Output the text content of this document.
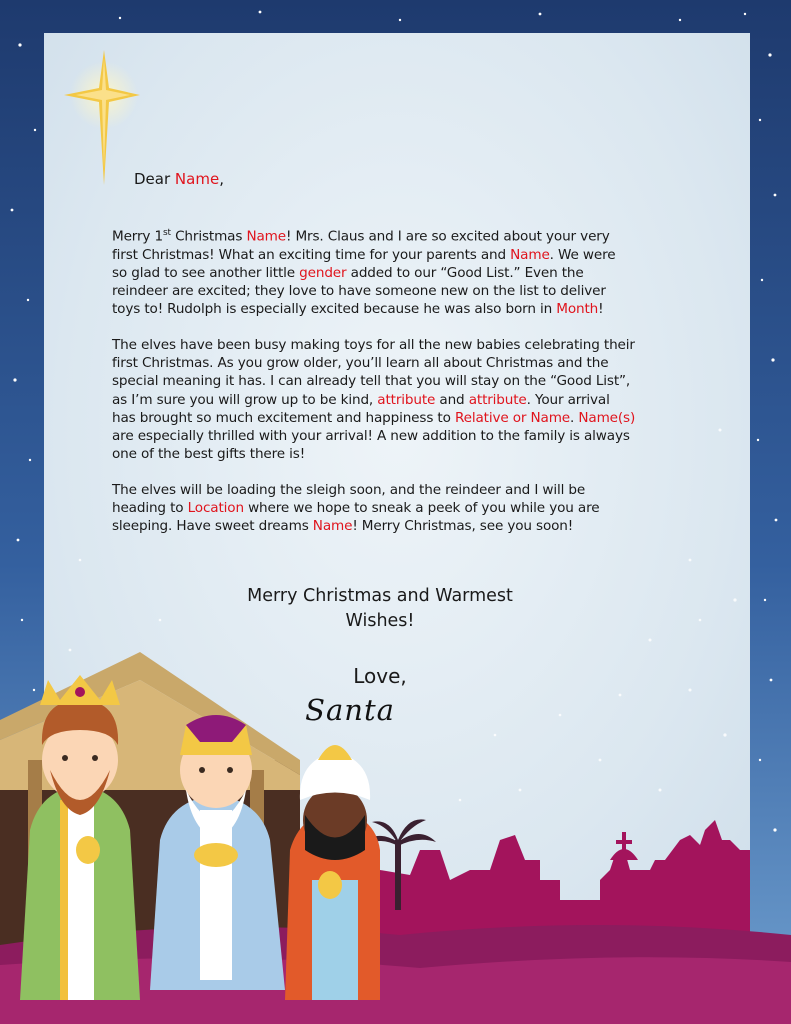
Dear Name,
Merry 1st Christmas Name! Mrs. Claus and I are so excited about your very
first Christmas! What an exciting time for your parents and Name. We were
so glad to see another little gender added to our “Good List.” Even the
reindeer are excited; they love to have someone new on the list to deliver
toys to! Rudolph is especially excited because he was also born in Month!
The elves have been busy making toys for all the new babies celebrating their
first Christmas. As you grow older, you’ll learn all about Christmas and the
special meaning it has. I can already tell that you will stay on the “Good List”,
as I’m sure you will grow up to be kind, attribute and attribute. Your arrival
has brought so much excitement and happiness to Relative or Name. Name(s)
are especially thrilled with your arrival! A new addition to the family is always
one of the best gifts there is!
The elves will be loading the sleigh soon, and the reindeer and I will be
heading to Location where we hope to sneak a peek of you while you are
sleeping. Have sweet dreams Name! Merry Christmas, see you soon!
Merry Christmas and Warmest
Wishes!
Love,
Santa
